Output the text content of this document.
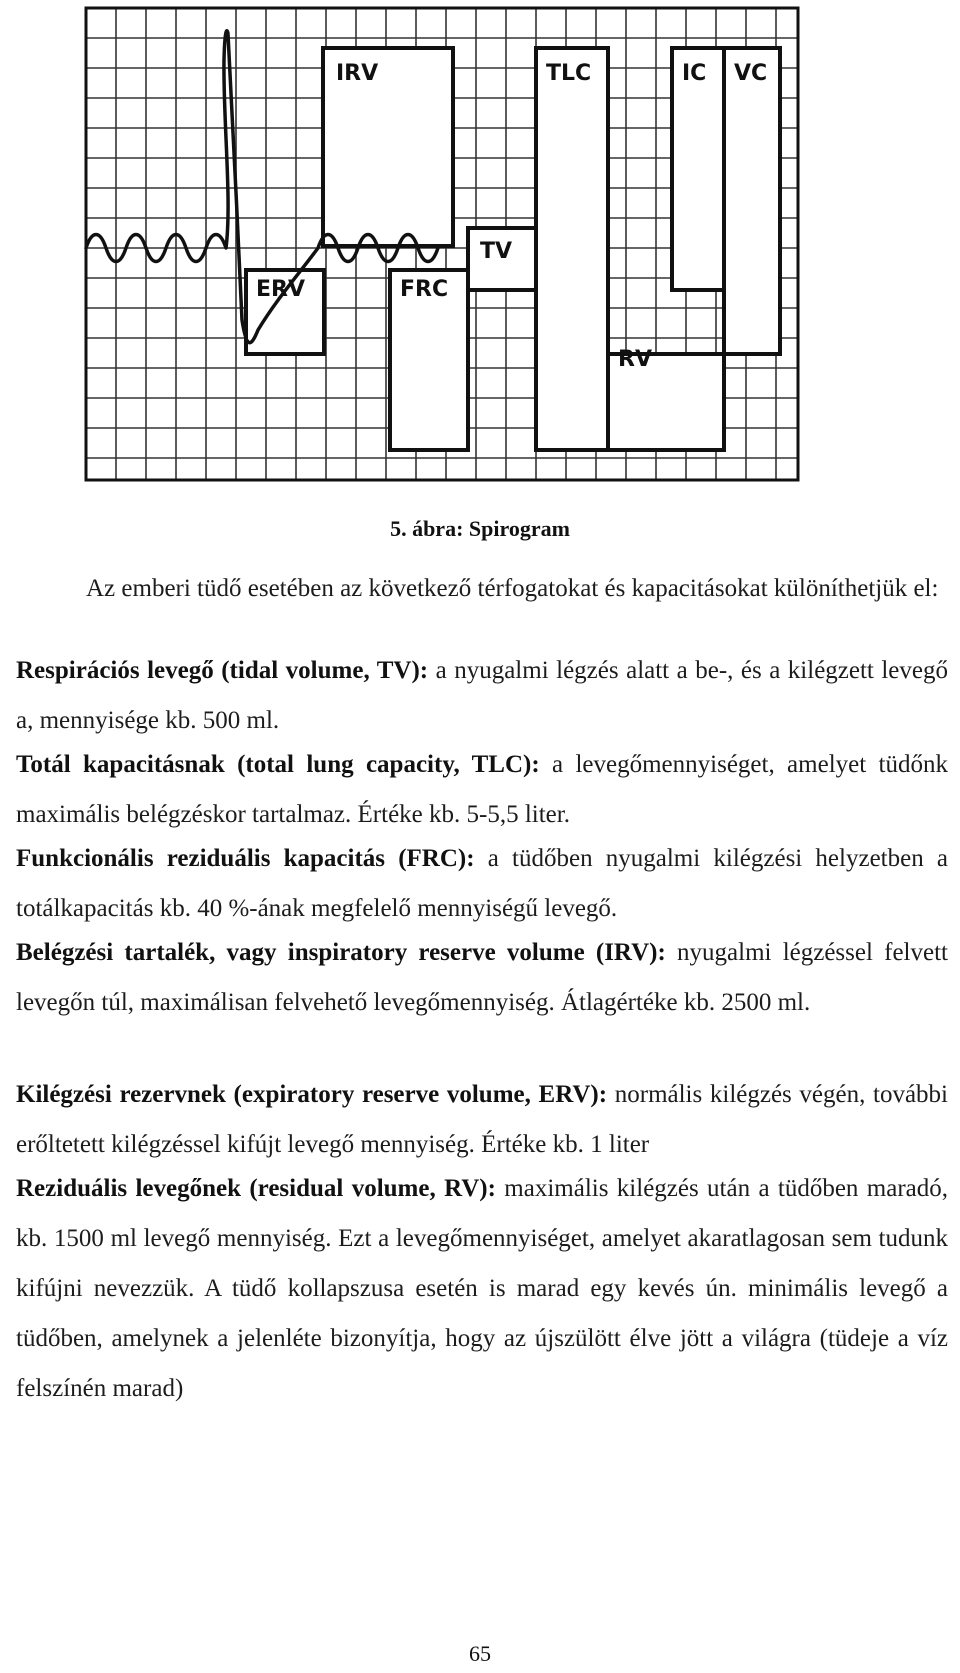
IRV	TLC	IC VC
TV
ERV	FRC
RV
5. ábra: Spirogram
Az emberi tüdő esetében az következő térfogatokat és kapacitásokat különíthetjük el:
Respirációs levegő (tidal volume, TV): a nyugalmi légzés alatt a be-, és a kilégzett levegő a, mennyisége kb. 500 ml.
Totál kapacitásnak (total lung capacity, TLC): a levegőmennyiséget, amelyet tüdőnk maximális belégzéskor tartalmaz. Értéke kb. 5-5,5 liter.
Funkcionális reziduális kapacitás (FRC): a tüdőben nyugalmi kilégzési helyzetben a totálkapacitás kb. 40 %-ának megfelelő mennyiségű levegő.
Belégzési tartalék, vagy inspiratory reserve volume (IRV): nyugalmi légzéssel felvett levegőn túl, maximálisan felvehető levegőmennyiség. Átlagértéke kb. 2500 ml.
Kilégzési rezervnek (expiratory reserve volume, ERV): normális kilégzés végén, további erőltetett kilégzéssel kifújt levegő mennyiség. Értéke kb. 1 liter
Reziduális levegőnek (residual volume, RV): maximális kilégzés után a tüdőben maradó, kb. 1500 ml levegő mennyiség. Ezt a levegőmennyiséget, amelyet akaratlagosan sem tudunk kifújni nevezzük. A tüdő kollapszusa esetén is marad egy kevés ún. minimális levegő a tüdőben, amelynek a jelenléte bizonyítja, hogy az újszülött élve jött a világra (tüdeje a víz felszínén marad)
65
